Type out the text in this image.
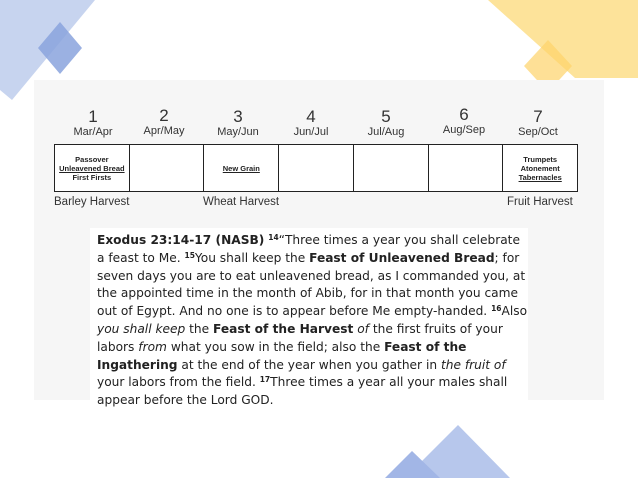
1
Mar/Apr
2
Apr/May
3
May/Jun
4
Jun/Jul
5
Jul/Aug
6
Aug/Sep
7
Sep/Oct
Passover
Unleavened Bread
First Firsts
New Grain
Trumpets
Atonement
Tabernacles
Barley Harvest	Wheat Harvest	Fruit Harvest
Exodus 23:14-17 (NASB) $^{14}$“Three times a year you shall celebrate a feast to Me. $^{15}$You shall keep the Feast of Unleavened Bread; for seven days you are to eat unleavened bread, as I commanded you, at the appointed time in the month of Abib, for in that month you came out of Egypt. And no one is to appear before Me empty-handed. $^{16}$Also you shall keep the Feast of the Harvest of the first fruits of your labors from what you sow in the field; also the Feast of the Ingathering at the end of the year when you gather in the fruit of your labors from the field. $^{17}$Three times a year all your males shall appear before the Lord GOD.
